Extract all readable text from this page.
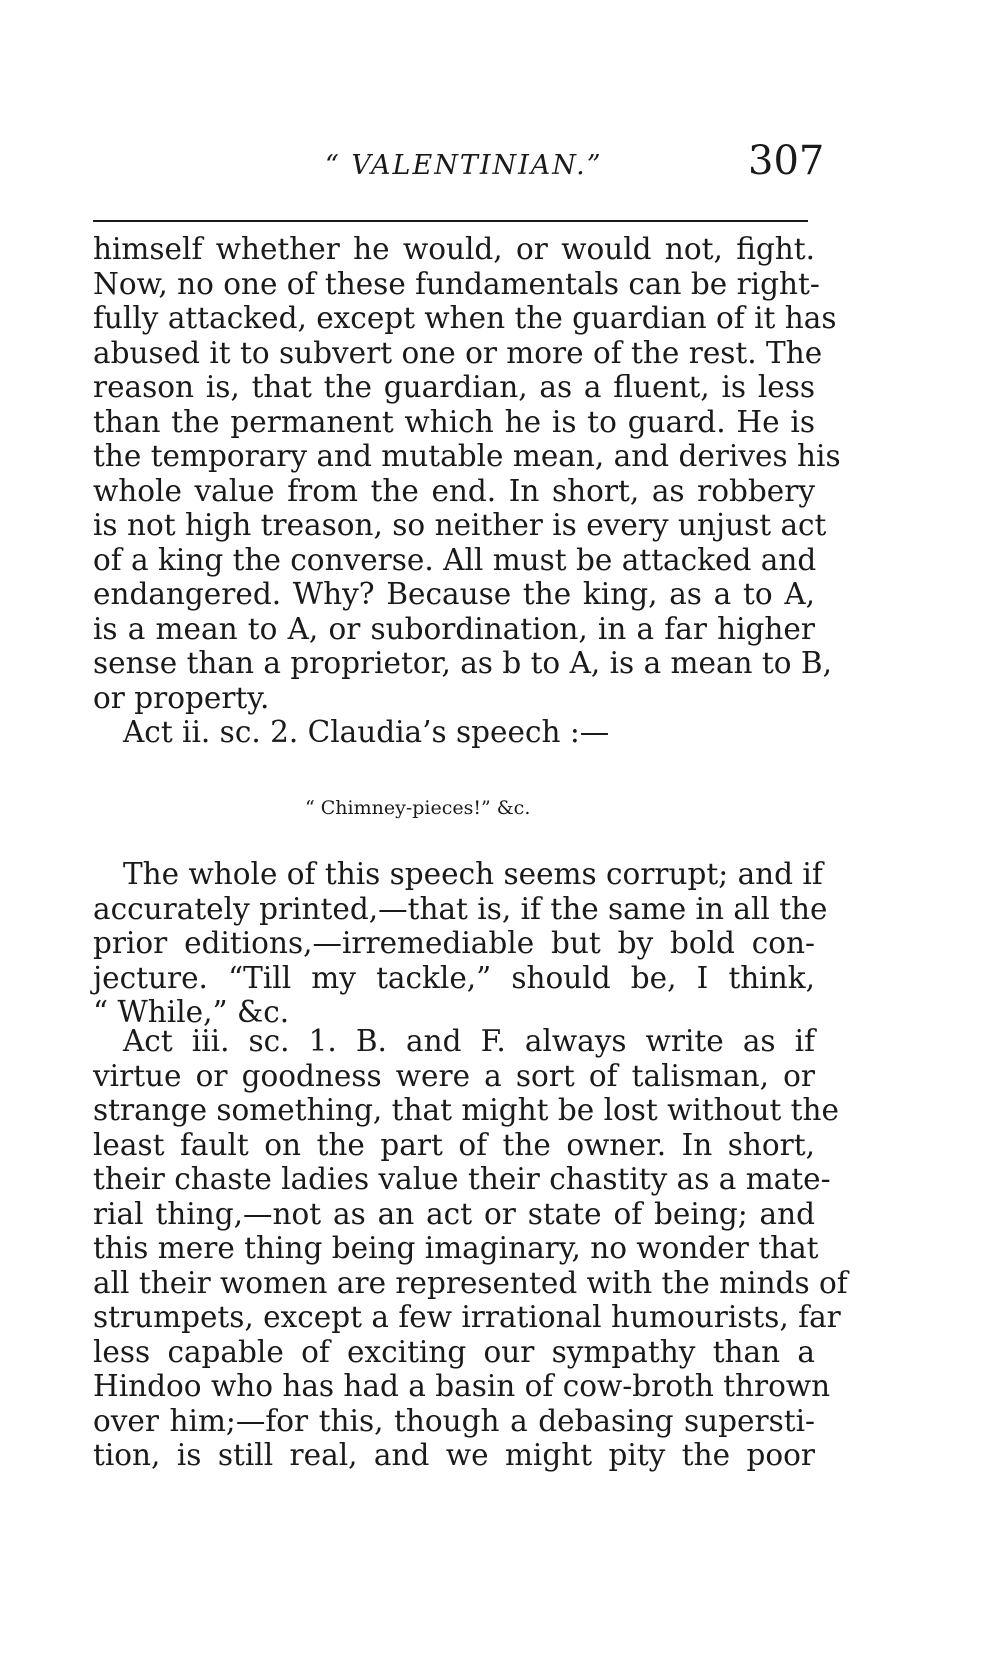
“ VALENTINIAN.”	307
himself whether he would, or would not, fight.
Now, no one of these fundamentals can be right-
fully attacked, except when the guardian of it has
abused it to subvert one or more of the rest. The
reason is, that the guardian, as a fluent, is less
than the permanent which he is to guard. He is
the temporary and mutable mean, and derives his
whole value from the end. In short, as robbery
is not high treason, so neither is every unjust act
of a king the converse. All must be attacked and
endangered. Why? Because the king, as a to A,
is a mean to A, or subordination, in a far higher
sense than a proprietor, as b to A, is a mean to B,
or property.
Act ii. sc. 2. Claudia’s speech :—
“ Chimney-pieces!” &c.
The whole of this speech seems corrupt; and if
accurately printed,—that is, if the same in all the
prior editions,—irremediable but by bold con-
jecture. “Till my tackle,” should be, I think,
“ While,” &c.
Act iii. sc. 1. B. and F. always write as if
virtue or goodness were a sort of talisman, or
strange something, that might be lost without the
least fault on the part of the owner. In short,
their chaste ladies value their chastity as a mate-
rial thing,—not as an act or state of being; and
this mere thing being imaginary, no wonder that
all their women are represented with the minds of
strumpets, except a few irrational humourists, far
less capable of exciting our sympathy than a
Hindoo who has had a basin of cow-broth thrown
over him;—for this, though a debasing supersti-
tion, is still real, and we might pity the poor
